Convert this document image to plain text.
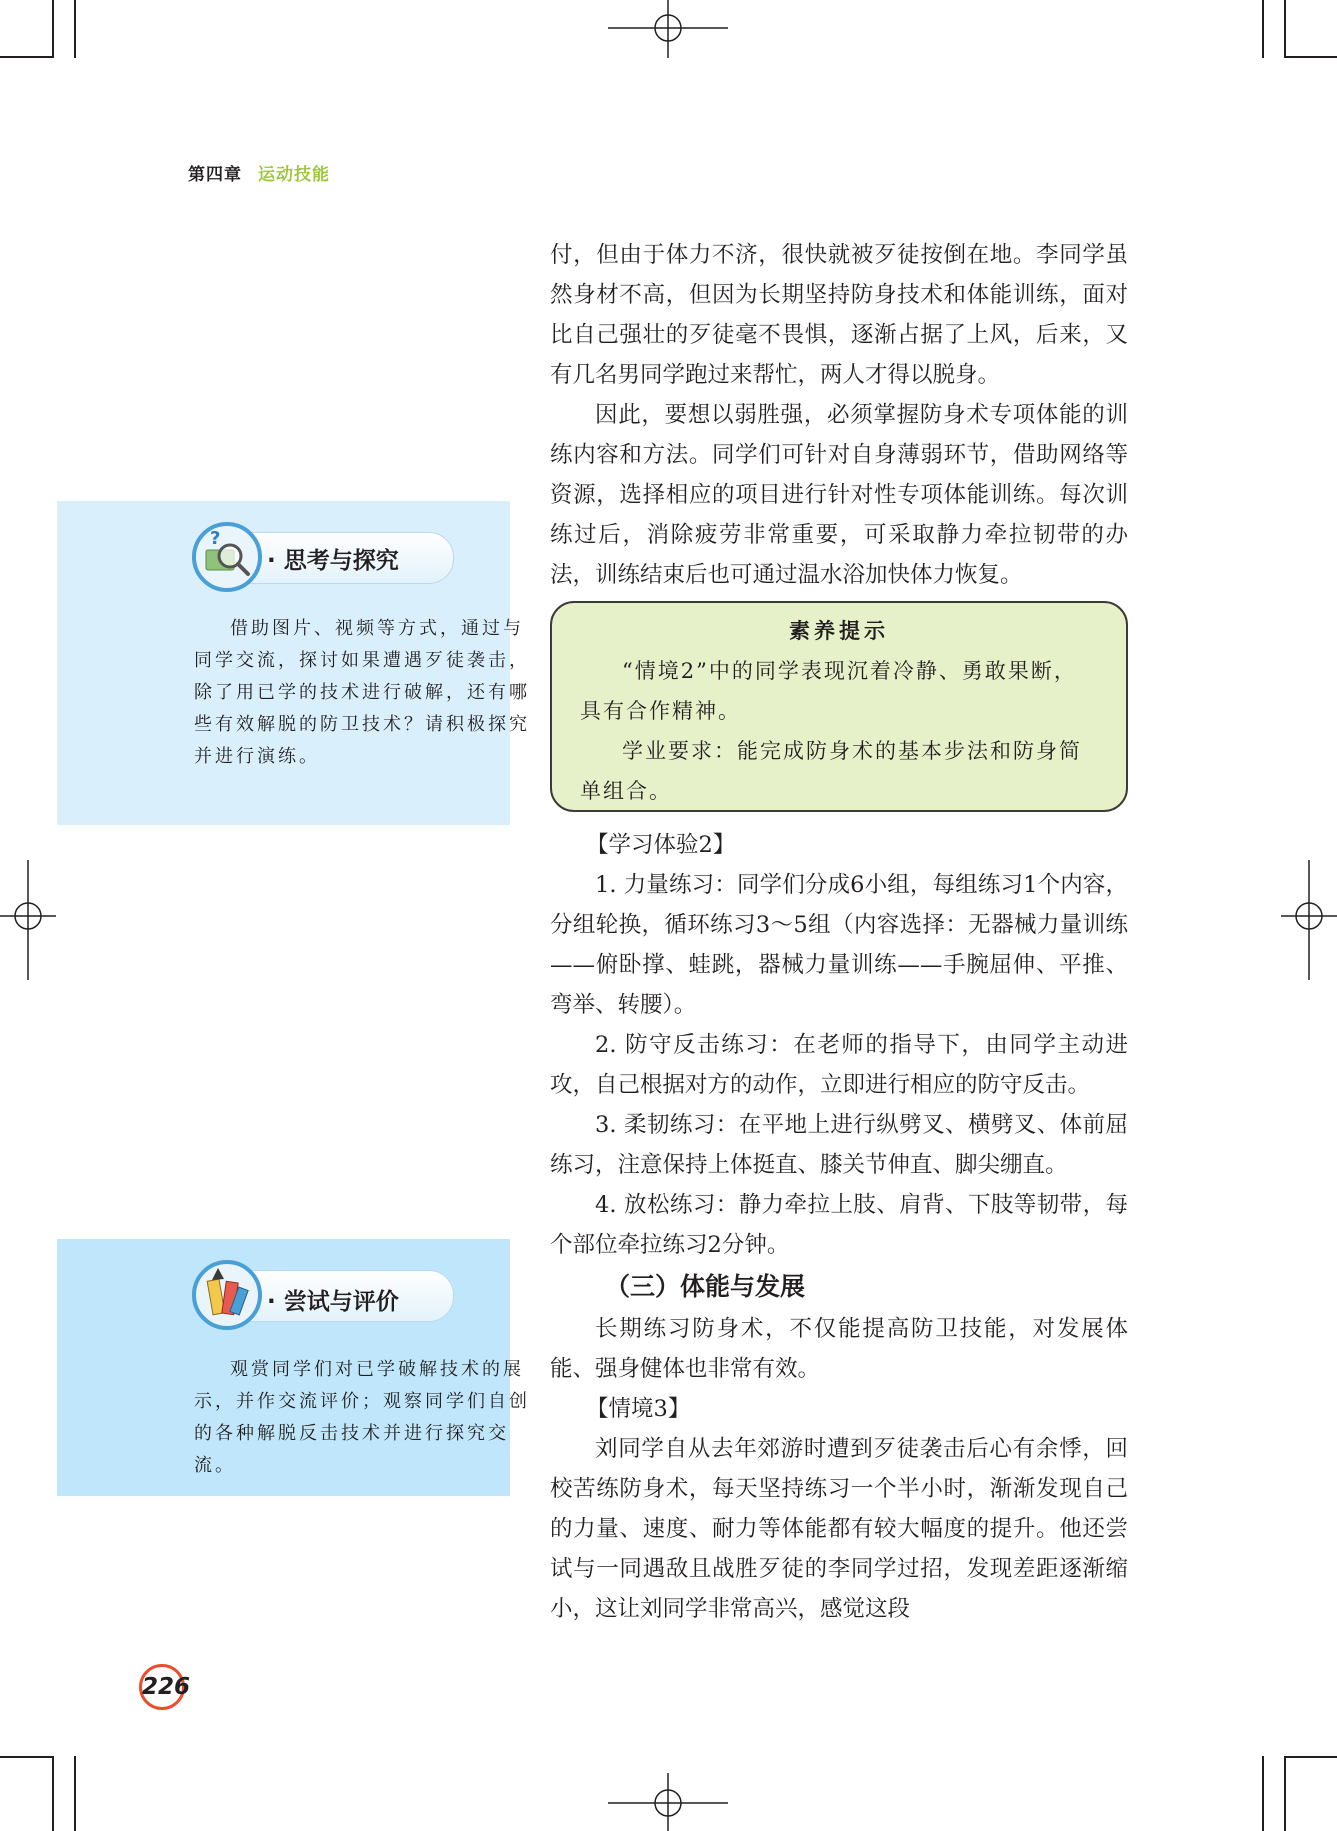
第四章 运动技能
?
· 思考与探究

借助图片、视频等方式，通过与同学交流，探讨如果遭遇歹徒袭击，除了用已学的技术进行破解，还有哪些有效解脱的防卫技术？请积极探究并进行演练。

· 尝试与评价

观赏同学们对已学破解技术的展示，并作交流评价；观察同学们自创的各种解脱反击技术并进行探究交流。

付，但由于体力不济，很快就被歹徒按倒在地。李同学虽然身材不高，但因为长期坚持防身技术和体能训练，面对比自己强壮的歹徒毫不畏惧，逐渐占据了上风，后来，又有几名男同学跑过来帮忙，两人才得以脱身。

因此，要想以弱胜强，必须掌握防身术专项体能的训练内容和方法。同学们可针对自身薄弱环节，借助网络等资源，选择相应的项目进行针对性专项体能训练。每次训练过后，消除疲劳非常重要，可采取静力牵拉韧带的办法，训练结束后也可通过温水浴加快体力恢复。

素养提示

“情境2”中的同学表现沉着冷静、勇敢果断，具有合作精神。

学业要求：能完成防身术的基本步法和防身简单组合。

【学习体验2】

1. 力量练习：同学们分成6小组，每组练习1个内容，分组轮换，循环练习3～5组（内容选择：无器械力量训练——俯卧撑、蛙跳，器械力量训练——手腕屈伸、平推、弯举、转腰）。

2. 防守反击练习：在老师的指导下，由同学主动进攻，自己根据对方的动作，立即进行相应的防守反击。

3. 柔韧练习：在平地上进行纵劈叉、横劈叉、体前屈练习，注意保持上体挺直、膝关节伸直、脚尖绷直。

4. 放松练习：静力牵拉上肢、肩背、下肢等韧带，每个部位牵拉练习2分钟。

（三）体能与发展

长期练习防身术，不仅能提高防卫技能，对发展体能、强身健体也非常有效。

【情境3】

刘同学自从去年郊游时遭到歹徒袭击后心有余悸，回校苦练防身术，每天坚持练习一个半小时，渐渐发现自己的力量、速度、耐力等体能都有较大幅度的提升。他还尝试与一同遇敌且战胜歹徒的李同学过招，发现差距逐渐缩小，这让刘同学非常高兴，感觉这段

226
